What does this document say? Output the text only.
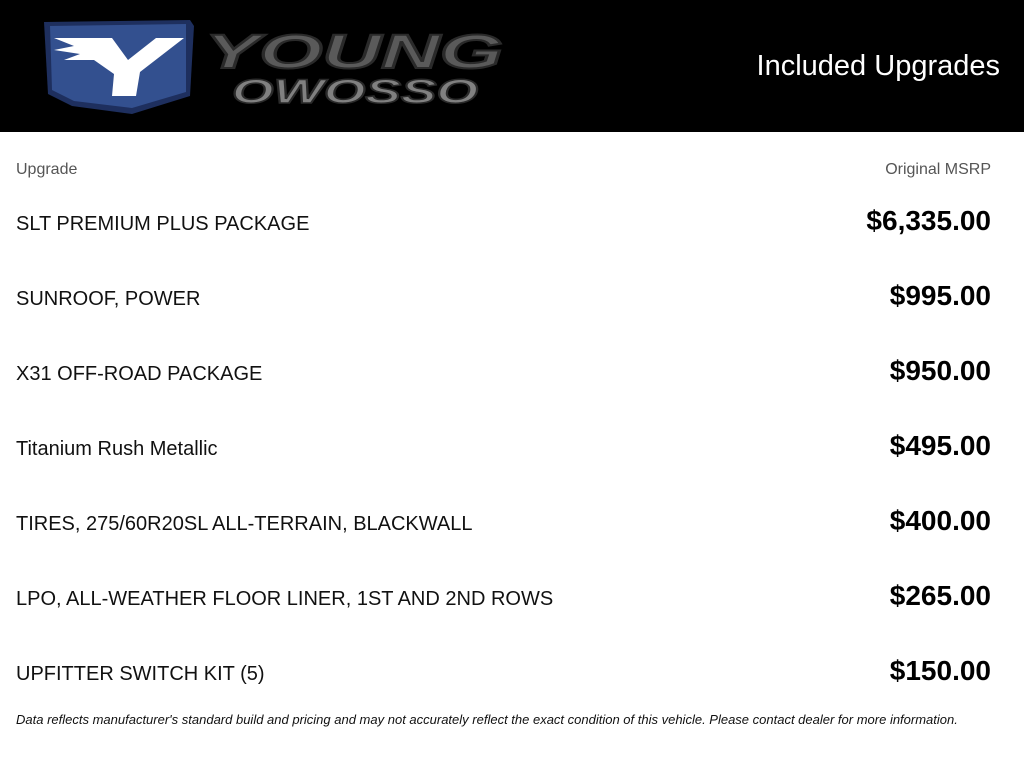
YOUNG
OWOSSO
Included Upgrades
Upgrade	Original MSRP
SLT PREMIUM PLUS PACKAGE	$6,335.00
SUNROOF, POWER	$995.00
X31 OFF-ROAD PACKAGE	$950.00
Titanium Rush Metallic	$495.00
TIRES, 275/60R20SL ALL-TERRAIN, BLACKWALL	$400.00
LPO, ALL-WEATHER FLOOR LINER, 1ST AND 2ND ROWS	$265.00
UPFITTER SWITCH KIT (5)	$150.00
Data reflects manufacturer's standard build and pricing and may not accurately reflect the exact condition of this vehicle. Please contact dealer for more information.
